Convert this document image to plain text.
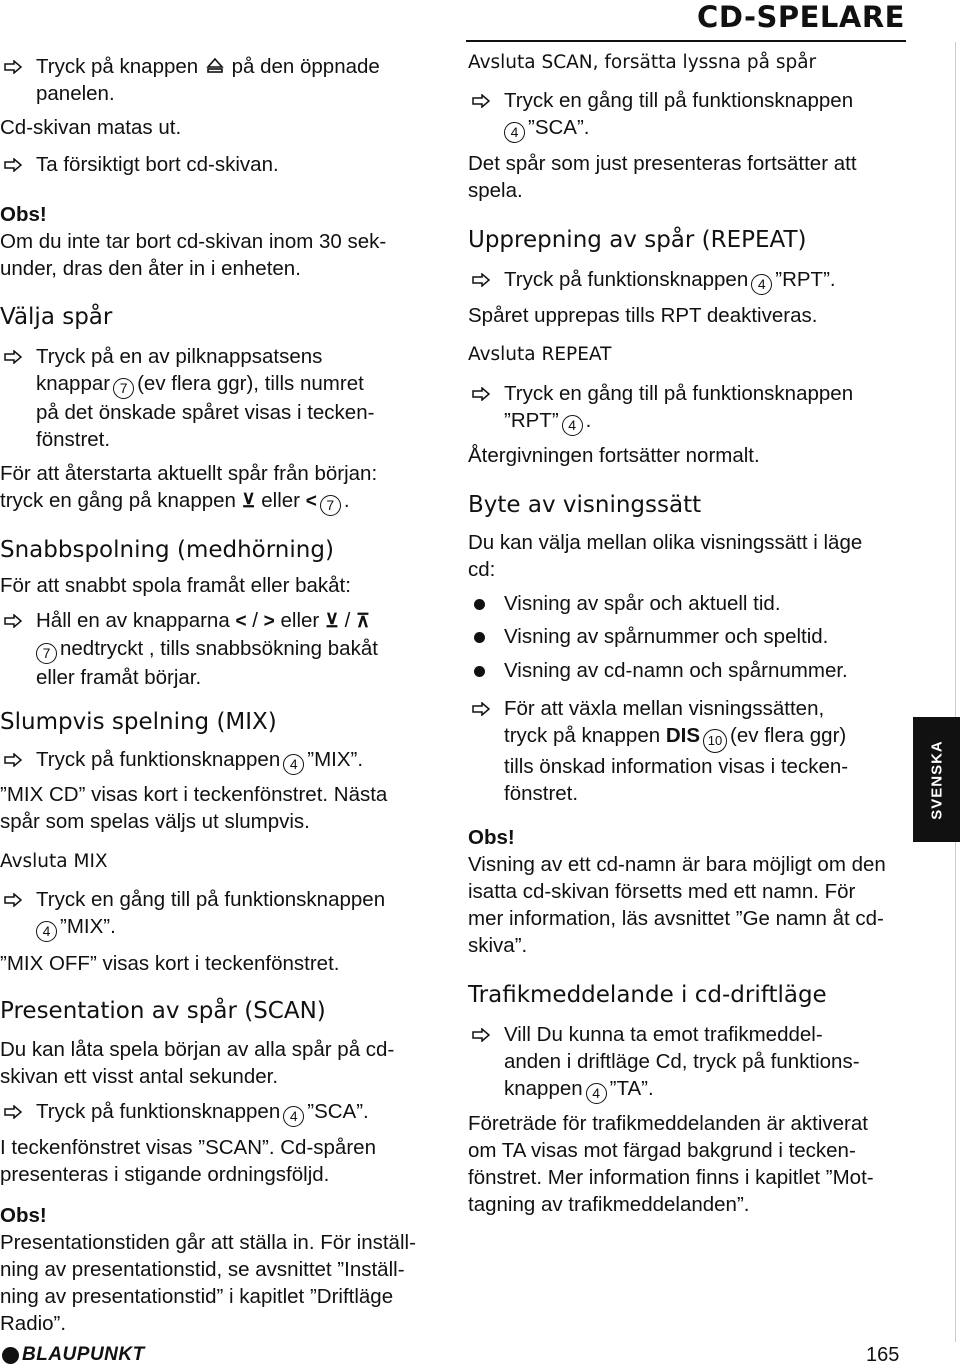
CD-SPELARE
Tryck på knappen på den öppnade
panelen.
Cd-skivan matas ut.
Ta försiktigt bort cd-skivan.
Obs!
Om du inte tar bort cd-skivan inom 30 sek-
under, dras den åter in i enheten.
Välja spår
Tryck på en av pilknappsatsens
knappar 7 (ev flera ggr), tills numret
på det önskade spåret visas i tecken-
fönstret.
För att återstarta aktuellt spår från början:
tryck en gång på knappen ⊻ eller < 7 .
Snabbspolning (medhörning)
För att snabbt spola framåt eller bakåt:
Håll en av knapparna < / > eller ⊻ / ⊼
7 nedtryckt , tills snabbsökning bakåt
eller framåt börjar.
Slumpvis spelning (MIX)
Tryck på funktionsknappen 4 ”MIX”.
”MIX CD” visas kort i teckenfönstret. Nästa
spår som spelas väljs ut slumpvis.
Avsluta MIX
Tryck en gång till på funktionsknappen
4 ”MIX”.
”MIX OFF” visas kort i teckenfönstret.
Presentation av spår (SCAN)
Du kan låta spela början av alla spår på cd-
skivan ett visst antal sekunder.
Tryck på funktionsknappen 4 ”SCA”.
I teckenfönstret visas ”SCAN”. Cd-spåren
presenteras i stigande ordningsföljd.
Obs!
Presentationstiden går att ställa in. För inställ-
ning av presentationstid, se avsnittet ”Inställ-
ning av presentationstid” i kapitlet ”Driftläge
Radio”.
Avsluta SCAN, forsätta lyssna på spår
Tryck en gång till på funktionsknappen
4 ”SCA”.
Det spår som just presenteras fortsätter att
spela.
Upprepning av spår (REPEAT)
Tryck på funktionsknappen 4 ”RPT”.
Spåret upprepas tills RPT deaktiveras.
Avsluta REPEAT
Tryck en gång till på funktionsknappen
”RPT” 4 .
Återgivningen fortsätter normalt.
Byte av visningssätt
Du kan välja mellan olika visningssätt i läge
cd:
Visning av spår och aktuell tid.
Visning av spårnummer och speltid.
Visning av cd-namn och spårnummer.
För att växla mellan visningssätten,
tryck på knappen DIS 10 (ev flera ggr)
tills önskad information visas i tecken-
fönstret.
Obs!
Visning av ett cd-namn är bara möjligt om den
isatta cd-skivan försetts med ett namn. För
mer information, läs avsnittet ”Ge namn åt cd-
skiva”.
Trafikmeddelande i cd-driftläge
Vill Du kunna ta emot trafikmeddel-
anden i driftläge Cd, tryck på funktions-
knappen 4 ”TA”.
Företräde för trafikmeddelanden är aktiverat
om TA visas mot färgad bakgrund i tecken-
fönstret. Mer information finns i kapitlet ”Mot-
tagning av trafikmeddelanden”.
SVENSKA
BLAUPUNKT	165
